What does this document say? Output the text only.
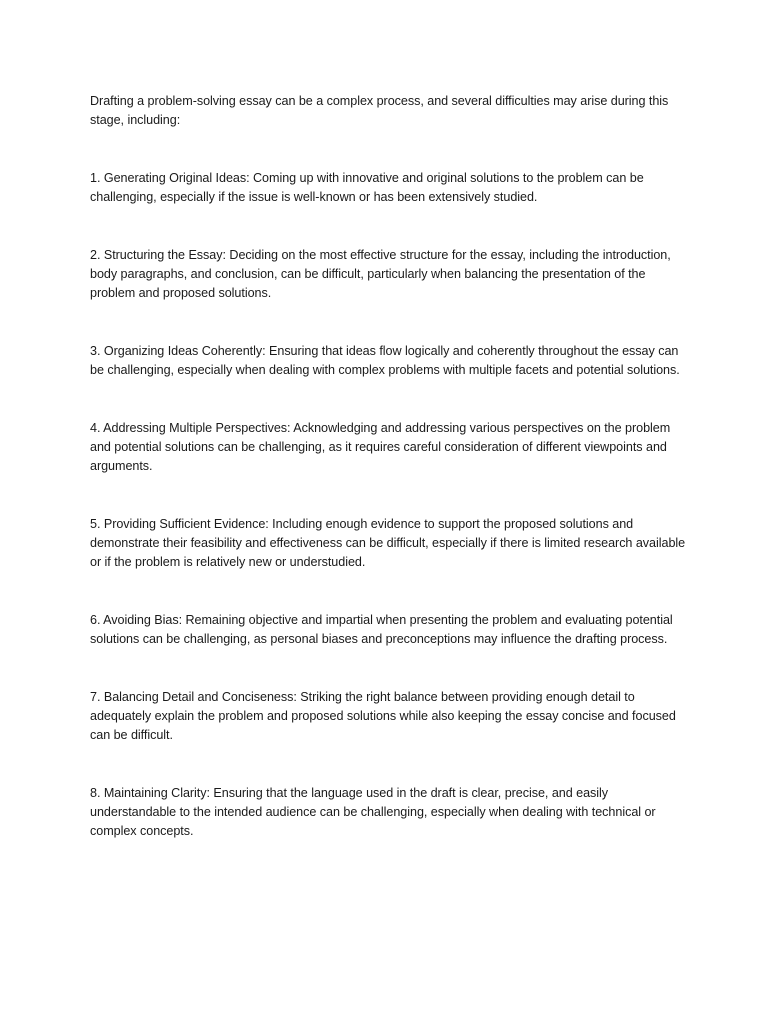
Drafting a problem-solving essay can be a complex process, and several difficulties may arise during this stage, including:

1. Generating Original Ideas: Coming up with innovative and original solutions to the problem can be challenging, especially if the issue is well-known or has been extensively studied.

2. Structuring the Essay: Deciding on the most effective structure for the essay, including the introduction, body paragraphs, and conclusion, can be difficult, particularly when balancing the presentation of the problem and proposed solutions.

3. Organizing Ideas Coherently: Ensuring that ideas flow logically and coherently throughout the essay can be challenging, especially when dealing with complex problems with multiple facets and potential solutions.

4. Addressing Multiple Perspectives: Acknowledging and addressing various perspectives on the problem and potential solutions can be challenging, as it requires careful consideration of different viewpoints and arguments.

5. Providing Sufficient Evidence: Including enough evidence to support the proposed solutions and demonstrate their feasibility and effectiveness can be difficult, especially if there is limited research available or if the problem is relatively new or understudied.

6. Avoiding Bias: Remaining objective and impartial when presenting the problem and evaluating potential solutions can be challenging, as personal biases and preconceptions may influence the drafting process.

7. Balancing Detail and Conciseness: Striking the right balance between providing enough detail to adequately explain the problem and proposed solutions while also keeping the essay concise and focused can be difficult.

8. Maintaining Clarity: Ensuring that the language used in the draft is clear, precise, and easily understandable to the intended audience can be challenging, especially when dealing with technical or complex concepts.
